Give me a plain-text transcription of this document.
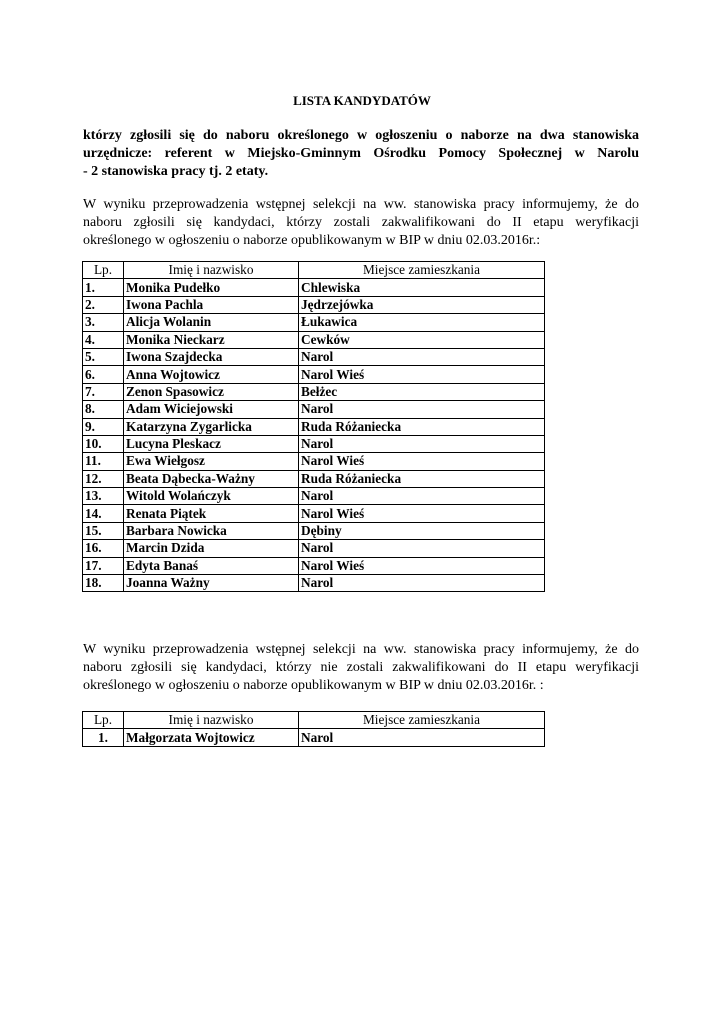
LISTA KANDYDATÓW
którzy zgłosili się do naboru określonego w ogłoszeniu o naborze na dwa stanowiska
urzędnicze: referent w Miejsko-Gminnym Ośrodku Pomocy Społecznej w Narolu
- 2 stanowiska pracy tj. 2 etaty.
W wyniku przeprowadzenia wstępnej selekcji na ww. stanowiska pracy informujemy, że do
naboru zgłosili się kandydaci, którzy zostali zakwalifikowani do II etapu weryfikacji
określonego w ogłoszeniu o naborze opublikowanym w BIP w dniu 02.03.2016r.:
Lp.	Imię i nazwisko	Miejsce zamieszkania
1.	Monika Pudełko	Chlewiska
2.	Iwona Pachla	Jędrzejówka
3.	Alicja Wolanin	Łukawica
4.	Monika Nieckarz	Cewków
5.	Iwona Szajdecka	Narol
6.	Anna Wojtowicz	Narol Wieś
7.	Zenon Spasowicz	Bełżec
8.	Adam Wiciejowski	Narol
9.	Katarzyna Zygarlicka	Ruda Różaniecka
10.	Lucyna Pleskacz	Narol
11.	Ewa Wiełgosz	Narol Wieś
12.	Beata Dąbecka-Ważny	Ruda Różaniecka
13.	Witold Wolańczyk	Narol
14.	Renata Piątek	Narol Wieś
15.	Barbara Nowicka	Dębiny
16.	Marcin Dzida	Narol
17.	Edyta Banaś	Narol Wieś
18.	Joanna Ważny	Narol
W wyniku przeprowadzenia wstępnej selekcji na ww. stanowiska pracy informujemy, że do
naboru zgłosili się kandydaci, którzy nie zostali zakwalifikowani do II etapu weryfikacji
określonego w ogłoszeniu o naborze opublikowanym w BIP w dniu 02.03.2016r. :
Lp.	Imię i nazwisko	Miejsce zamieszkania
1.	Małgorzata Wojtowicz	Narol
